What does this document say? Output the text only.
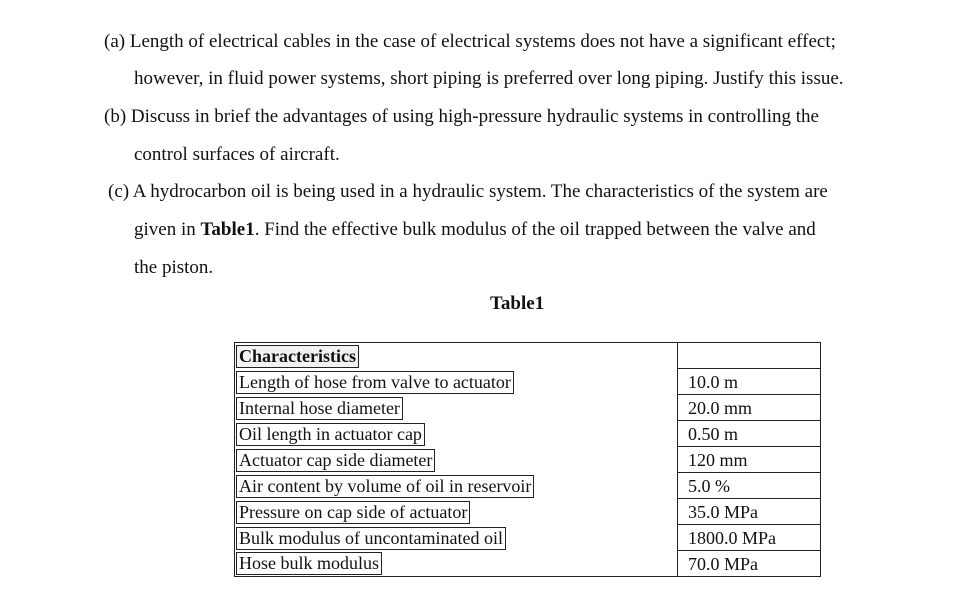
(a) Length of electrical cables in the case of electrical systems does not have a significant effect;
however, in fluid power systems, short piping is preferred over long piping. Justify this issue.
(b) Discuss in brief the advantages of using high-pressure hydraulic systems in controlling the
control surfaces of aircraft.
(c) A hydrocarbon oil is being used in a hydraulic system. The characteristics of the system are
given in Table1. Find the effective bulk modulus of the oil trapped between the valve and
the piston.
Table1
Characteristics	
Length of hose from valve to actuator	10.0 m
Internal hose diameter	20.0 mm
Oil length in actuator cap	0.50 m
Actuator cap side diameter	120 mm
Air content by volume of oil in reservoir	5.0 %
Pressure on cap side of actuator	35.0 MPa
Bulk modulus of uncontaminated oil	1800.0 MPa
Hose bulk modulus	70.0 MPa
